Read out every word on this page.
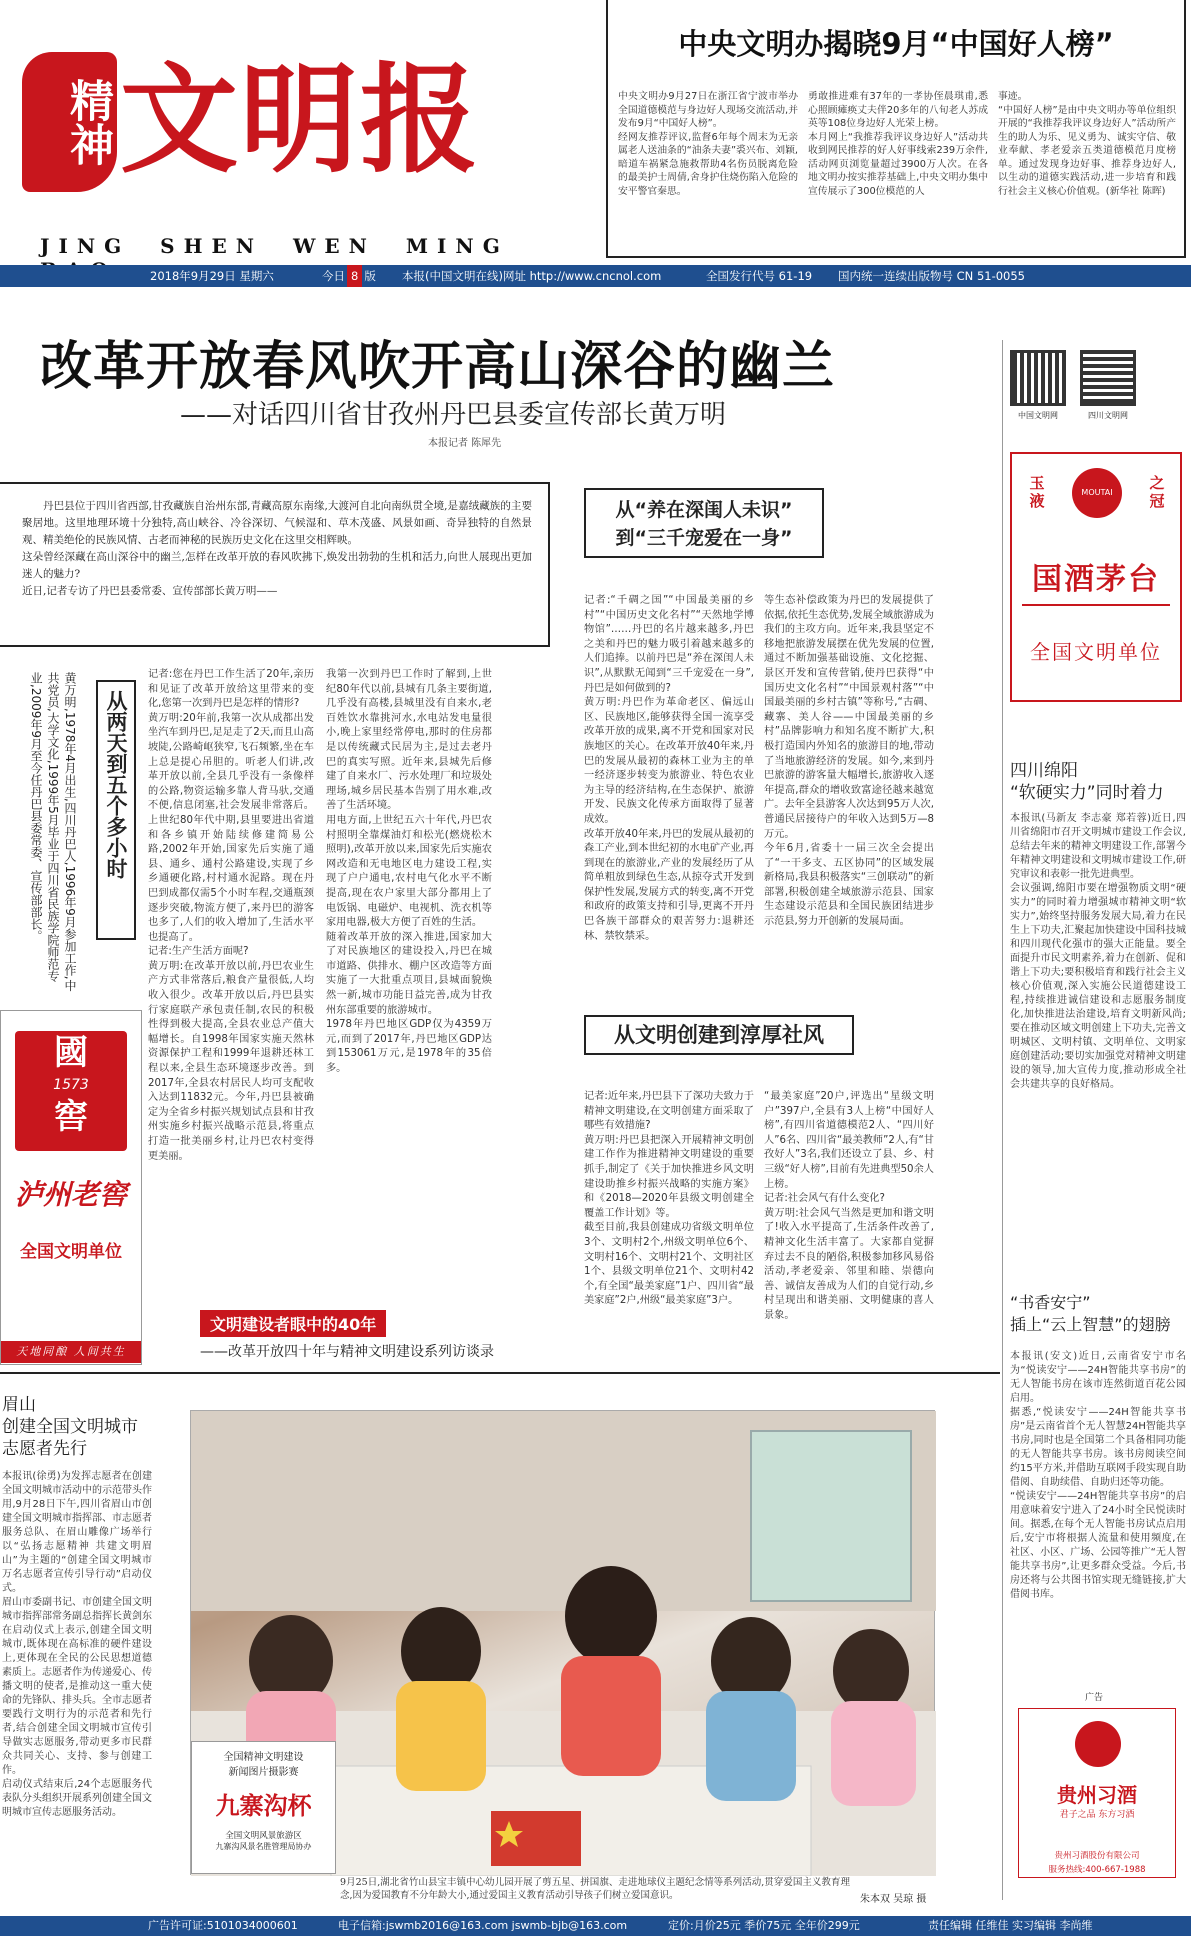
精神 文明报
JING SHEN WEN MING
2018年9月29日 星期六	今日 8 版 本报(中国文明在线)网址 http://www.cncnol.com	全国发行代号 61-19 国内统一连续出版物号 CN 51-0055
中央文明办揭晓9月“中国好人榜”
中央文明办9月27日在浙江省宁波市举办全国道德模范与身边好人现场交流活动,并发布9月“中国好人榜”。
经网友推荐评议,监督6年每个周末为无亲属老人送油条的“油条夫妻”裘兴布、刘颖,暗道车祸紧急施救帮助4名伤员脱离危险的最美护士周倩,舍身护住烧伤陷入危险的安平警官秦思。
勇敢推进难有37年的一孝协侄晨琪甫,悉心照顾瘫痪丈夫伴20多年的八旬老人苏成英等108位身边好人光荣上榜。
本月网上“我推荐我评议身边好人”活动共收到网民推荐的好人好事线索239万余件,活动网页浏览量超过3900万人次。在各地文明办按实推荐基础上,中央文明办集中宣传展示了300位模范的人
事迹。
“中国好人榜”是由中央文明办等单位组织开展的“我推荐我评议身边好人”活动所产生的助人为乐、见义勇为、诚实守信、敬业奉献、孝老爱亲五类道德模范月度榜单。通过发现身边好事、推荐身边好人,以生动的道德实践活动,进一步培育和践行社会主义核心价值观。(新华社 陈晖)
改革开放春风吹开高山深谷的幽兰
——对话四川省甘孜州丹巴县委宣传部长黄万明
本报记者 陈犀先
丹巴县位于四川省西部,甘孜藏族自治州东部,青藏高原东南缘,大渡河自北向南纵贯全境,是嘉绒藏族的主要聚居地。这里地理环境十分独特,高山峡谷、冷谷深切、气候湿和、草木茂盛、风景如画、奇异独特的自然景观、精美绝伦的民族风情、古老而神秘的民族历史文化在这里交相辉映。
这朵曾经深藏在高山深谷中的幽兰,怎样在改革开放的春风吹拂下,焕发出勃勃的生机和活力,向世人展现出更加迷人的魅力?
近日,记者专访了丹巴县委常委、宣传部部长黄万明——
黄万明,1978年4月出生,四川丹巴人,1996年9月参加工作,中共党员,大学文化,1999年5月毕业于四川省民族学院师范专业,2009年9月至今任丹巴县委常委、宣传部部长。	从两天到五个多小时
记者:您在丹巴工作生活了20年,亲历和见证了改革开放给这里带来的变化,您第一次到丹巴是怎样的情形?
黄万明:20年前,我第一次从成都出发坐汽车到丹巴,足足走了2天,而且山高坡陡,公路崎岖狭窄,飞石频繁,坐在车上总是提心吊胆的。听老人们讲,改革开放以前,全县几乎没有一条像样的公路,物资运输多靠人背马驮,交通不便,信息闭塞,社会发展非常落后。上世纪80年代中期,县里要进出省道和各乡镇开始陆续修建简易公路,2002年开始,国家先后实施了通县、通乡、通村公路建设,实现了乡乡通硬化路,村村通水泥路。现在丹巴到成都仅需5个小时车程,交通瓶颈逐步突破,物流方便了,来丹巴的游客也多了,人们的收入增加了,生活水平也提高了。
记者:生产生活方面呢?
黄万明:在改革开放以前,丹巴农业生产方式非常落后,粮食产量很低,人均收入很少。改革开放以后,丹巴县实行家庭联产承包责任制,农民的积极性得到极大提高,全县农业总产值大幅增长。自1998年国家实施天然林资源保护工程和1999年退耕还林工程以来,全县生态环境逐步改善。到2017年,全县农村居民人均可支配收入达到11832元。今年,丹巴县被确定为全省乡村振兴规划试点县和甘孜州实施乡村振兴战略示范县,将重点打造一批美丽乡村,让丹巴农村变得更美丽。
我第一次到丹巴工作时了解到,上世纪80年代以前,县城有几条主要街道,几乎没有高楼,县城里没有自来水,老百姓饮水靠挑河水,水电站发电量很小,晚上家里经常停电,那时的住房都是以传统藏式民居为主,是过去老丹巴的真实写照。近年来,县城先后修建了自来水厂、污水处理厂和垃圾处理场,城乡居民基本告别了用水难,改善了生活环境。
用电方面,上世纪五六十年代,丹巴农村照明全靠煤油灯和松光(燃烧松木照明),改革开放以来,国家先后实施农网改造和无电地区电力建设工程,实现了户户通电,农村电气化水平不断提高,现在农户家里大部分都用上了电饭锅、电磁炉、电视机、洗衣机等家用电器,极大方便了百姓的生活。
随着改革开放的深入推进,国家加大了对民族地区的建设投入,丹巴在城市道路、供排水、棚户区改造等方面实施了一大批重点项目,县城面貌焕然一新,城市功能日益完善,成为甘孜州东部重要的旅游城市。
1978年丹巴地区GDP仅为4359万元,而到了2017年,丹巴地区GDP达到153061万元,是1978年的35倍多。
从“养在深闺人未识”
到“三千宠爱在一身”
记者:“千碉之国”“中国最美丽的乡村”“中国历史文化名村”“天然地学博物馆”……丹巴的名片越来越多,丹巴之美和丹巴的魅力吸引着越来越多的人们追捧。以前丹巴是“养在深闺人未识”,从默默无闻到“三千宠爱在一身”,丹巴是如何做到的?
黄万明:丹巴作为革命老区、偏远山区、民族地区,能够获得全国一流享受改革开放的成果,离不开党和国家对民族地区的关心。在改革开放40年来,丹巴的发展从最初的森林工业为主的单一经济逐步转变为旅游业、特色农业为主导的经济结构,在生态保护、旅游开发、民族文化传承方面取得了显著成效。
改革开放40年来,丹巴的发展从最初的森工产业,到本世纪初的水电矿产业,再到现在的旅游业,产业的发展经历了从简单粗放到绿色生态,从掠夺式开发到保护性发展,发展方式的转变,离不开党和政府的政策支持和引导,更离不开丹巴各族干部群众的艰苦努力:退耕还林、禁牧禁采。
等生态补偿政策为丹巴的发展提供了依据,依托生态优势,发展全域旅游成为我们的主攻方向。近年来,我县坚定不移地把旅游发展摆在优先发展的位置,通过不断加强基础设施、文化挖掘、景区开发和宣传营销,使丹巴获得“中国历史文化名村”“中国景观村落”“中国最美丽的乡村古镇”等称号,“古碉、藏寨、美人谷——中国最美丽的乡村”品牌影响力和知名度不断扩大,积极打造国内外知名的旅游目的地,带动了当地旅游经济的发展。如今,来到丹巴旅游的游客量大幅增长,旅游收入逐年提高,群众的增收致富途径越来越宽广。去年全县游客人次达到95万人次,普通民居接待户的年收入达到5万—8万元。
今年6月,省委十一届三次全会提出了“一干多支、五区协同”的区域发展新格局,我县积极落实“三创联动”的新部署,积极创建全域旅游示范县、国家生态建设示范县和全国民族团结进步示范县,努力开创新的发展局面。
从文明创建到淳厚社风
记者:近年来,丹巴县下了深功夫致力于精神文明建设,在文明创建方面采取了哪些有效措施?
黄万明:丹巴县把深入开展精神文明创建工作作为推进精神文明建设的重要抓手,制定了《关于加快推进乡风文明建设助推乡村振兴战略的实施方案》和《2018—2020年县级文明创建全覆盖工作计划》等。
截至目前,我县创建成功省级文明单位3个、文明村2个,州级文明单位6个、文明村16个、文明村21个、文明社区1个、县级文明单位21个、文明村42个,有全国“最美家庭”1户、四川省“最美家庭”2户,州级“最美家庭”3户。
“最美家庭”20户,评选出“星级文明户”397户,全县有3人上榜“中国好人榜”,有四川省道德模范2人、“四川好人”6名、四川省“最美教师”2人,有“甘孜好人”3名,我们还设立了县、乡、村三级“好人榜”,目前有先进典型50余人上榜。
记者:社会风气有什么变化?
黄万明:社会风气当然是更加和谐文明了!收入水平提高了,生活条件改善了,精神文化生活丰富了。大家都自觉摒弃过去不良的陋俗,积极参加移风易俗活动,孝老爱亲、邻里和睦、崇德向善、诚信友善成为人们的自觉行动,乡村呈现出和谐美丽、文明健康的喜人景象。
文明建设者眼中的40年
——改革开放四十年与精神文明建设系列访谈录
國
1573
窖
泸州老窖
全国文明单位
天地同酿 人间共生
中国文明网	四川文明网
玉
液	MOUTAI
之
冠
国酒茅台
全国文明单位
四川绵阳
“软硬实力”同时着力
本报讯(马新友 李志豪 郑若蓉)近日,四川省绵阳市召开文明城市建设工作会议,总结去年来的精神文明建设工作,部署今年精神文明建设和文明城市建设工作,研究审议和表彰一批先进典型。
会议强调,绵阳市要在增强物质文明“硬实力”的同时着力增强城市精神文明“软实力”,始终坚持服务发展大局,着力在民生上下功夫,汇聚起加快建设中国科技城和四川现代化强市的强大正能量。要全面提升市民文明素养,着力在创新、促和谐上下功夫;要积极培育和践行社会主义核心价值观,深入实施公民道德建设工程,持续推进诚信建设和志愿服务制度化,加快推进法治建设,培育文明新风尚;要在推动区域文明创建上下功夫,完善文明城区、文明村镇、文明单位、文明家庭创建活动;要切实加强党对精神文明建设的领导,加大宣传力度,推动形成全社会共建共享的良好格局。
“书香安宁”
插上“云上智慧”的翅膀
本报讯(安文)近日,云南省安宁市名为“悦读安宁——24H智能共享书房”的无人智能书房在该市连然街道百花公园启用。
据悉,“悦读安宁——24H智能共享书房”是云南省首个无人智慧24H智能共享书房,同时也是全国第二个具备相同功能的无人智能共享书房。该书房阅读空间约15平方米,并借助互联网手段实现自助借阅、自助续借、自助归还等功能。
“悦读安宁——24H智能共享书房”的启用意味着安宁进入了24小时全民悦读时间。据悉,在每个无人智能书房试点启用后,安宁市将根据人流量和使用频度,在社区、小区、广场、公园等推广“无人智能共享书房”,让更多群众受益。今后,书房还将与公共图书馆实现无缝链接,扩大借阅书库。
广告
贵州习酒
君子之品 东方习酒
贵州习酒股份有限公司
服务热线:400-667-1988
眉山
创建全国文明城市
志愿者先行
本报讯(徐勇)为发挥志愿者在创建全国文明城市活动中的示范带头作用,9月28日下午,四川省眉山市创建全国文明城市指挥部、市志愿者服务总队、在眉山雕像广场举行以“弘扬志愿精神 共建文明眉山”为主题的“创建全国文明城市万名志愿者宣传引导行动”启动仪式。
眉山市委副书记、市创建全国文明城市指挥部常务副总指挥长黄剑东在启动仪式上表示,创建全国文明城市,既体现在高标准的硬件建设上,更体现在全民的公民思想道德素质上。志愿者作为传递爱心、传播文明的使者,是推动这一重大使命的先锋队、排头兵。全市志愿者要践行文明行为的示范者和先行者,结合创建全国文明城市宣传引导做实志愿服务,带动更多市民群众共同关心、支持、参与创建工作。
启动仪式结束后,24个志愿服务代表队分头组织开展系列创建全国文明城市宣传志愿服务活动。
全国精神文明建设
新闻图片摄影赛
九寨沟杯
全国文明风景旅游区
九寨沟风景名胜管理局协办
9月25日,湖北省竹山县宝丰镇中心幼儿园开展了剪五星、拼国旗、走进地球仪主题纪念情等系列活动,贯穿爱国主义教育理念,因为爱国教育不分年龄大小,通过爱国主义教育活动引导孩子们树立爱国意识。	朱本双 吴琼 摄
广告许可证:5101034000601	电子信箱:jswmb2016@163.com jswmb-bjb@163.com	定价:月价25元 季价75元 全年价299元	责任编辑 任维佳 实习编辑 李尚维
